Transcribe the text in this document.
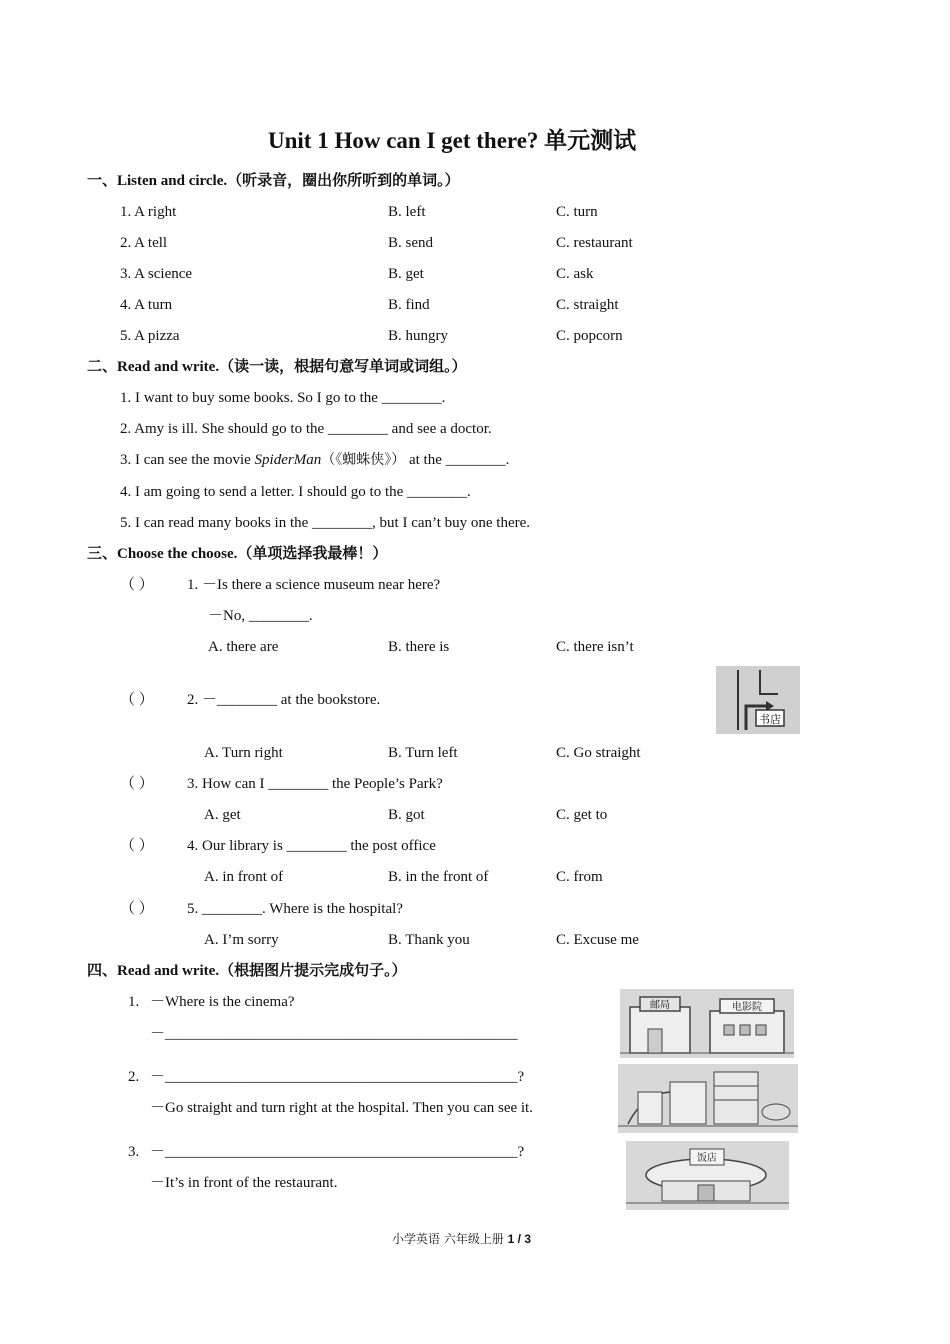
Unit 1 How can I get there? 单元测试
一、Listen and circle.（听录音，圈出你所听到的单词。）
1. A right	B. left	C. turn
2. A tell	B. send	C. restaurant
3. A science	B. get	C. ask
4. A turn	B. find	C. straight
5. A pizza	B. hungry	C. popcorn
二、Read and write.（读一读，根据句意写单词或词组。）
1. I want to buy some books. So I go to the ________.
2. Amy is ill. She should go to the ________ and see a doctor.
3. I can see the movie SpiderMan（《蜘蛛侠》） at the ________.
4. I am going to send a letter. I should go to the ________.
5. I can read many books in the ________, but I can’t buy one there.
三、Choose the choose.（单项选择我最棒！）
（ ） 1. －Is there a science museum near here?
－No, ________.
A. there are	B. there is	C. there isn’t
（ ） 2. －________ at the bookstore.
书店
A. Turn right	B. Turn left	C. Go straight
（ ） 3. How can I ________ the People’s Park?
A. get	B. got	C. get to
（ ） 4. Our library is ________ the post office
A. in front of	B. in the front of	C. from
（ ） 5. ________. Where is the hospital?
A. I’m sorry	B. Thank you	C. Excuse me
四、Read and write.（根据图片提示完成句子。）
1. －Where is the cinema?
－_______________________________________________
邮局	电影院
2. －_______________________________________________?
－Go straight and turn right at the hospital. Then you can see it.
3. －_______________________________________________?
－It’s in front of the restaurant.
饭店
小学英语 六年级上册 1 / 3
